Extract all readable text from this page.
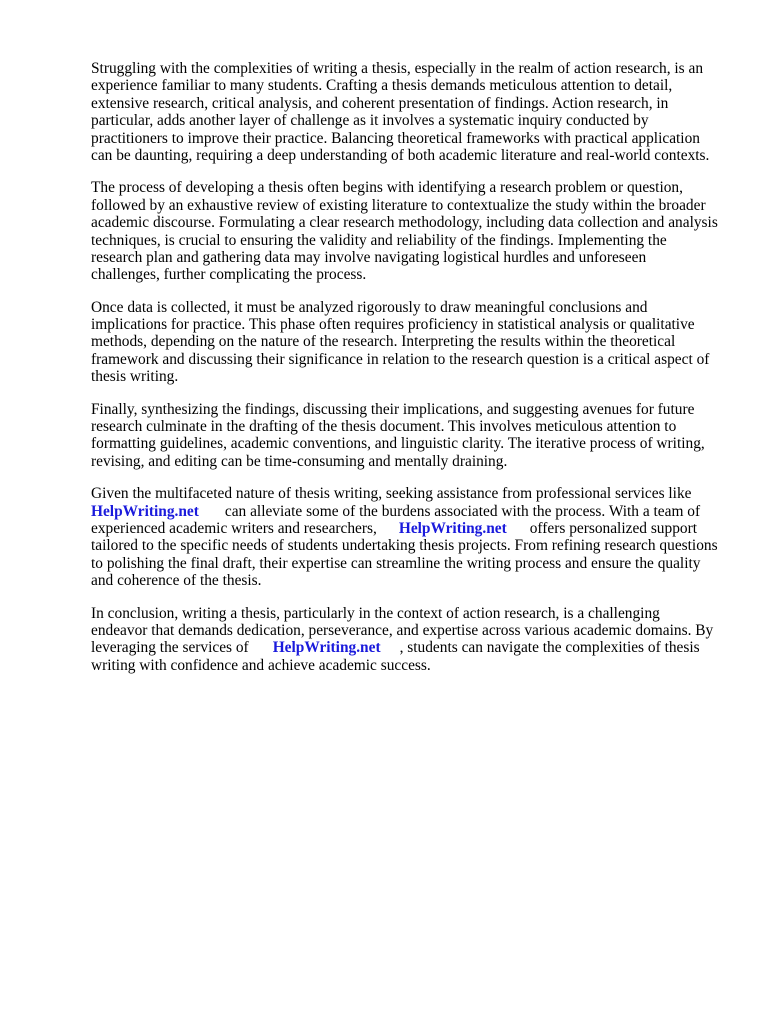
Struggling with the complexities of writing a thesis, especially in the realm of action research, is an
experience familiar to many students. Crafting a thesis demands meticulous attention to detail,
extensive research, critical analysis, and coherent presentation of findings. Action research, in
particular, adds another layer of challenge as it involves a systematic inquiry conducted by
practitioners to improve their practice. Balancing theoretical frameworks with practical application
can be daunting, requiring a deep understanding of both academic literature and real-world contexts.

The process of developing a thesis often begins with identifying a research problem or question,
followed by an exhaustive review of existing literature to contextualize the study within the broader
academic discourse. Formulating a clear research methodology, including data collection and analysis
techniques, is crucial to ensuring the validity and reliability of the findings. Implementing the
research plan and gathering data may involve navigating logistical hurdles and unforeseen
challenges, further complicating the process.

Once data is collected, it must be analyzed rigorously to draw meaningful conclusions and
implications for practice. This phase often requires proficiency in statistical analysis or qualitative
methods, depending on the nature of the research. Interpreting the results within the theoretical
framework and discussing their significance in relation to the research question is a critical aspect of
thesis writing.

Finally, synthesizing the findings, discussing their implications, and suggesting avenues for future
research culminate in the drafting of the thesis document. This involves meticulous attention to
formatting guidelines, academic conventions, and linguistic clarity. The iterative process of writing,
revising, and editing can be time-consuming and mentally draining.

Given the multifaceted nature of thesis writing, seeking assistance from professional services like
HelpWriting.net can alleviate some of the burdens associated with the process. With a team of
experienced academic writers and researchers, HelpWriting.net offers personalized support
tailored to the specific needs of students undertaking thesis projects. From refining research questions
to polishing the final draft, their expertise can streamline the writing process and ensure the quality
and coherence of the thesis.

In conclusion, writing a thesis, particularly in the context of action research, is a challenging
endeavor that demands dedication, perseverance, and expertise across various academic domains. By
leveraging the services of HelpWriting.net , students can navigate the complexities of thesis
writing with confidence and achieve academic success.
